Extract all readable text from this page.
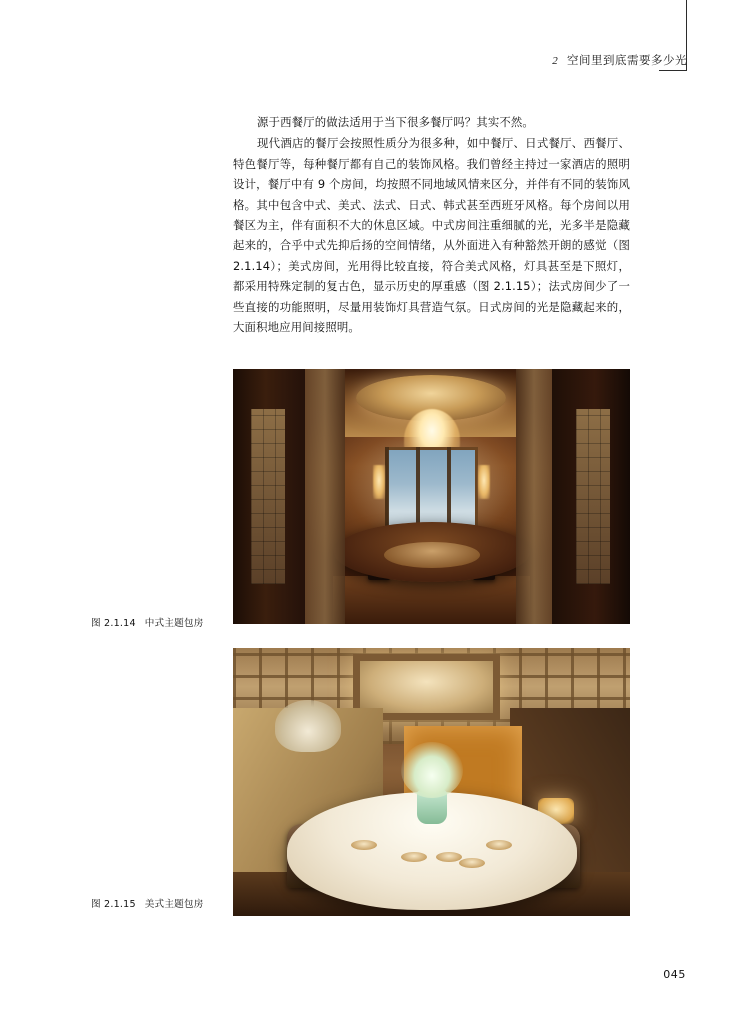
2 空间里到底需要多少光

源于西餐厅的做法适用于当下很多餐厅吗？其实不然。

现代酒店的餐厅会按照性质分为很多种，如中餐厅、日式餐厅、西餐厅、特色餐厅等，每种餐厅都有自己的装饰风格。我们曾经主持过一家酒店的照明设计，餐厅中有 9 个房间，均按照不同地域风情来区分，并伴有不同的装饰风格。其中包含中式、美式、法式、日式、韩式甚至西班牙风格。每个房间以用餐区为主，伴有面积不大的休息区域。中式房间注重细腻的光，光多半是隐藏起来的，合乎中式先抑后扬的空间情绪，从外面进入有种豁然开朗的感觉（图 2.1.14）；美式房间，光用得比较直接，符合美式风格，灯具甚至是下照灯，都采用特殊定制的复古色，显示历史的厚重感（图 2.1.15）；法式房间少了一些直接的功能照明，尽量用装饰灯具营造气氛。日式房间的光是隐藏起来的，大面积地应用间接照明。

图 2.1.14 中式主题包房
图 2.1.15 美式主题包房
045
